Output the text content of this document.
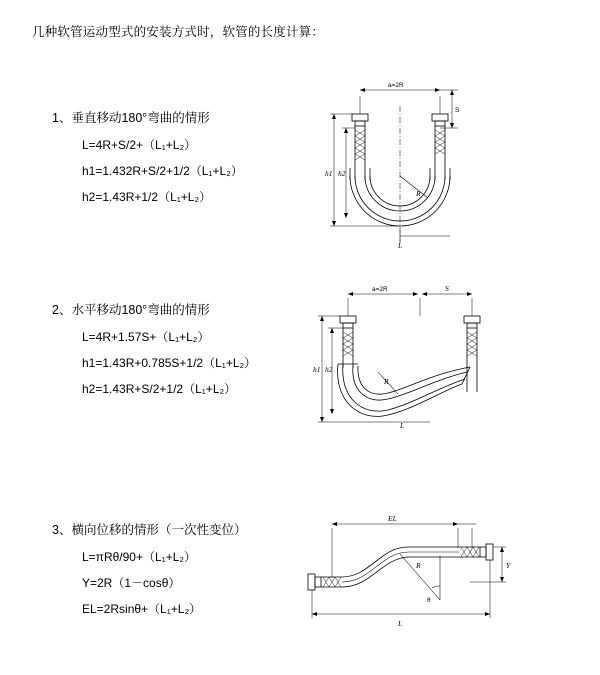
几种软管运动型式的安装方式时，软管的长度计算：
1、垂直移动180°弯曲的情形
L=4R+S/2+（L₁+L₂）
h1=1.432R+S/2+1/2（L₁+L₂）
h2=1.43R+1/2（L₁+L₂）
a=2R
S
R
L
h1 h2
2、水平移动180°弯曲的情形
L=4R+1.57S+（L₁+L₂）
h1=1.43R+0.785S+1/2（L₁+L₂）
h2=1.43R+S/2+1/2（L₁+L₂）
a=2R	S
R
h1 h2
L
3、横向位移的情形（一次性变位）
L=πRθ/90+（L₁+L₂）
Y=2R（1－cosθ）
EL=2Rsinθ+（L₁+L₂）
EL
R
θ
Y
L
